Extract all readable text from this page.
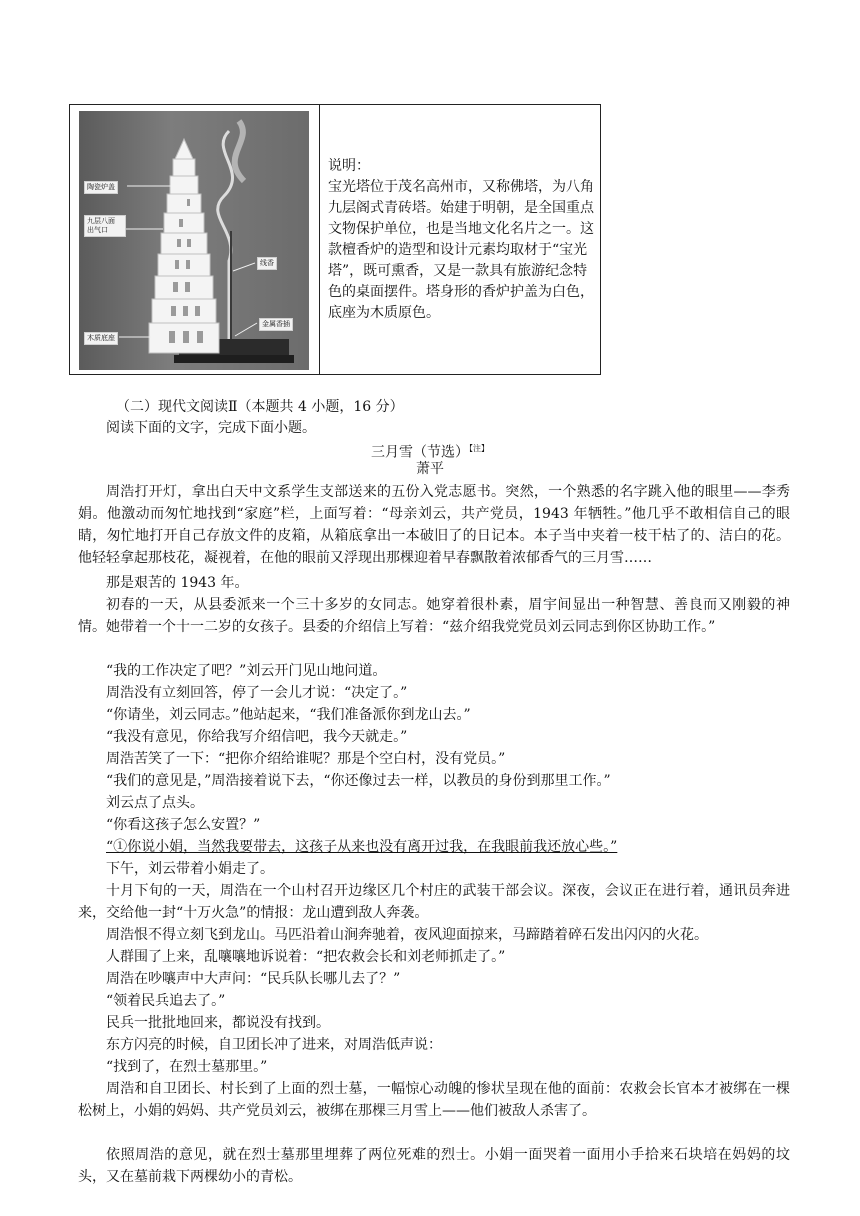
陶瓷炉盖
九层八面
出气口
线香
木质底座
金属香插
说明：
宝光塔位于茂名高州市，又称佛塔，为八角九层阁式青砖塔。始建于明朝，是全国重点文物保护单位，也是当地文化名片之一。这款檀香炉的造型和设计元素均取材于“宝光塔”，既可熏香，又是一款具有旅游纪念特色的桌面摆件。塔身形的香炉护盖为白色，底座为木质原色。
（二）现代文阅读Ⅱ（本题共 4 小题，16 分）
阅读下面的文字，完成下面小题。
三月雪（节选）$^{【注】}$
萧平
周浩打开灯，拿出白天中文系学生支部送来的五份入党志愿书。突然，一个熟悉的名字跳入他的眼里——李秀娟。他激动而匆忙地找到“家庭”栏，上面写着：“母亲刘云，共产党员，1943 年牺牲。”他几乎不敢相信自己的眼睛，匆忙地打开自己存放文件的皮箱，从箱底拿出一本破旧了的日记本。本子当中夹着一枝干枯了的、洁白的花。他轻轻拿起那枝花，凝视着，在他的眼前又浮现出那棵迎着早春飘散着浓郁香气的三月雪……
那是艰苦的 1943 年。
初春的一天，从县委派来一个三十多岁的女同志。她穿着很朴素，眉宇间显出一种智慧、善良而又刚毅的神情。她带着一个十一二岁的女孩子。县委的介绍信上写着：“兹介绍我党党员刘云同志到你区协助工作。”
“我的工作决定了吧？”刘云开门见山地问道。
周浩没有立刻回答，停了一会儿才说：“决定了。”
“你请坐，刘云同志。”他站起来，“我们准备派你到龙山去。”
“我没有意见，你给我写介绍信吧，我今天就走。”
周浩苦笑了一下：“把你介绍给谁呢？那是个空白村，没有党员。”
“我们的意见是，”周浩接着说下去，“你还像过去一样，以教员的身份到那里工作。”
刘云点了点头。
“你看这孩子怎么安置？”
“①你说小娟，当然我要带去，这孩子从来也没有离开过我，在我眼前我还放心些。”
下午，刘云带着小娟走了。
十月下旬的一天，周浩在一个山村召开边缘区几个村庄的武装干部会议。深夜，会议正在进行着，通讯员奔进来，交给他一封“十万火急”的情报：龙山遭到敌人奔袭。
周浩恨不得立刻飞到龙山。马匹沿着山涧奔驰着，夜风迎面掠来，马蹄踏着碎石发出闪闪的火花。
人群围了上来，乱嚷嚷地诉说着：“把农救会长和刘老师抓走了。”
周浩在吵嚷声中大声问：“民兵队长哪儿去了？”
“领着民兵追去了。”
民兵一批批地回来，都说没有找到。
东方闪亮的时候，自卫团长冲了进来，对周浩低声说：
“找到了，在烈士墓那里。”
周浩和自卫团长、村长到了上面的烈士墓，一幅惊心动魄的惨状呈现在他的面前：农救会长官本才被绑在一棵松树上，小娟的妈妈、共产党员刘云，被绑在那棵三月雪上——他们被敌人杀害了。
依照周浩的意见，就在烈士墓那里埋葬了两位死难的烈士。小娟一面哭着一面用小手拾来石块培在妈妈的坟头，又在墓前栽下两棵幼小的青松。
